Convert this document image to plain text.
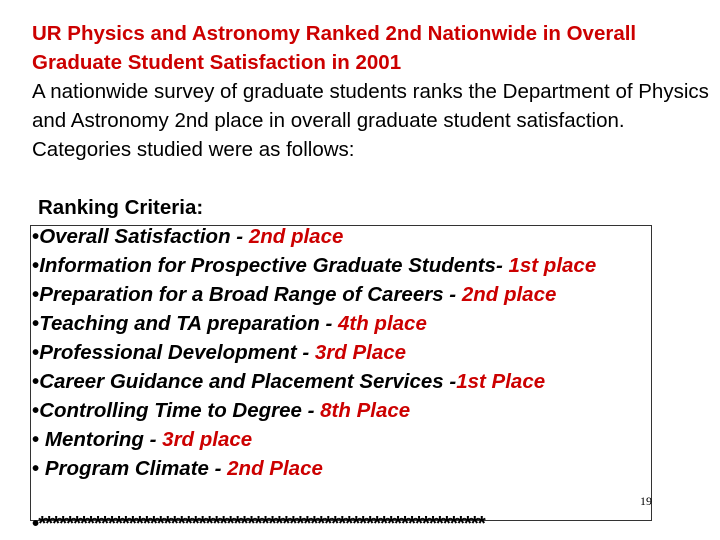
UR Physics and Astronomy Ranked 2nd Nationwide in Overall Graduate Student Satisfaction in 2001
A nationwide survey of graduate students ranks the Department of Physics and Astronomy 2nd place in overall graduate student satisfaction. Categories studied were as follows:
Ranking Criteria:
•Overall Satisfaction - 2nd place
•Information for Prospective Graduate Students- 1st place
•Preparation for a Broad Range of Careers - 2nd place
•Teaching and TA preparation - 4th place
•Professional Development - 3rd Place
•Career Guidance and Placement Services -1st Place
•Controlling Time to Degree - 8th Place
• Mentoring - 3rd place
• Program Climate - 2nd Place
19
•****************************************************************
